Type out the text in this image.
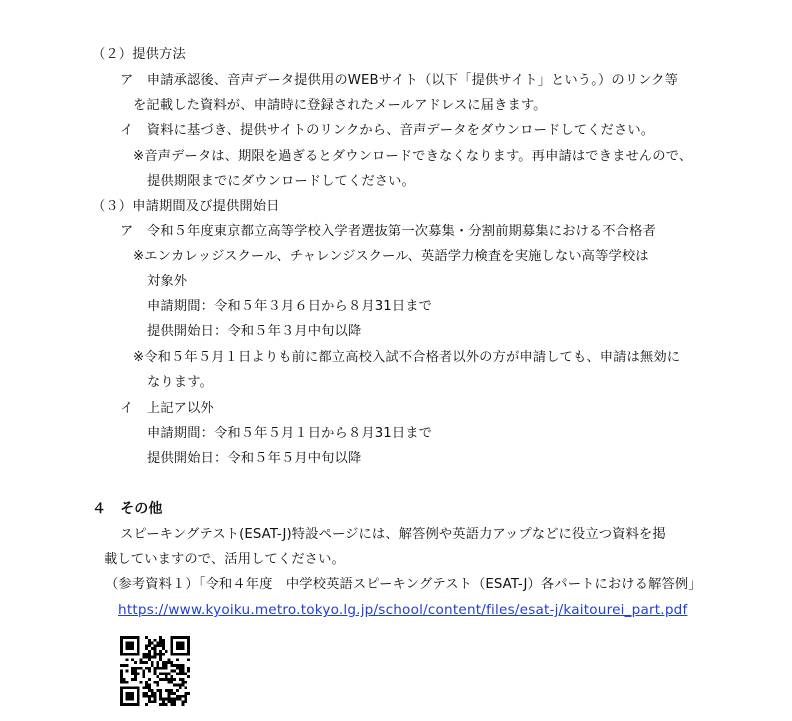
（２）提供方法
ア　申請承認後、音声データ提供用のWEBサイト（以下「提供サイト」という。）のリンク等
を記載した資料が、申請時に登録されたメールアドレスに届きます。
イ　資料に基づき、提供サイトのリンクから、音声データをダウンロードしてください。
※音声データは、期限を過ぎるとダウンロードできなくなります。再申請はできませんので、
提供期限までにダウンロードしてください。
（３）申請期間及び提供開始日
ア　令和５年度東京都立高等学校入学者選抜第一次募集・分割前期募集における不合格者
※エンカレッジスクール、チャレンジスクール、英語学力検査を実施しない高等学校は
対象外
申請期間：令和５年３月６日から８月31日まで
提供開始日：令和５年３月中旬以降
※令和５年５月１日よりも前に都立高校入試不合格者以外の方が申請しても、申請は無効に
なります。
イ　上記ア以外
申請期間：令和５年５月１日から８月31日まで
提供開始日：令和５年５月中旬以降
４　その他
スピーキングテスト(ESAT-J)特設ページには、解答例や英語力アップなどに役立つ資料を掲
載していますので、活用してください。
（参考資料１）「令和４年度　中学校英語スピーキングテスト（ESAT-J）各パートにおける解答例」
https://www.kyoiku.metro.tokyo.lg.jp/school/content/files/esat-j/kaitourei_part.pdf
